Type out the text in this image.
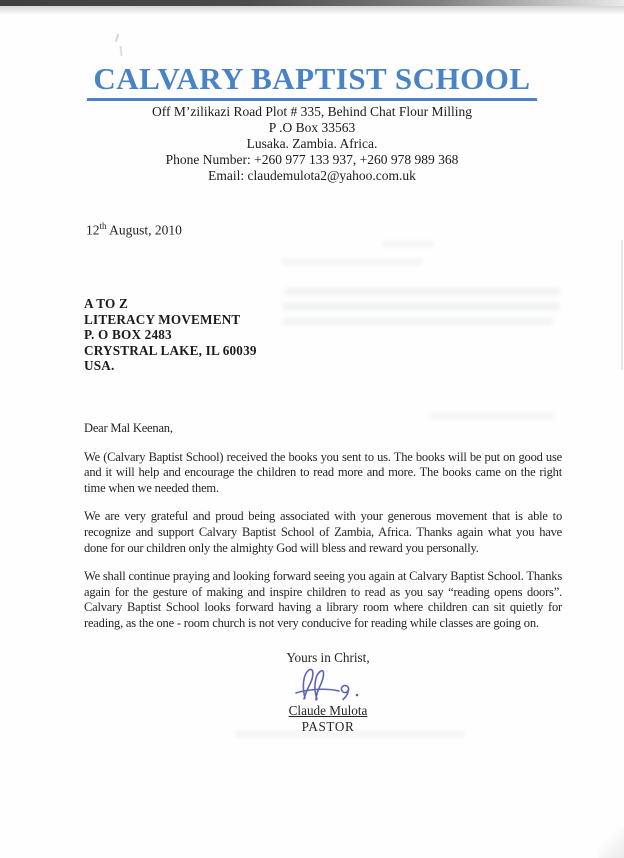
CALVARY BAPTIST SCHOOL
Off M’zilikazi Road Plot # 335, Behind Chat Flour Milling
P .O Box 33563
Lusaka. Zambia. Africa.
Phone Number: +260 977 133 937, +260 978 989 368
Email: claudemulota2@yahoo.com.uk
12th August, 2010
A TO Z
LITERACY MOVEMENT
P. O BOX 2483
CRYSTRAL LAKE, IL 60039
USA.

Dear Mal Keenan,

We (Calvary Baptist School) received the books you sent to us. The books will be put on good use and it will help and encourage the children to read more and more. The books came on the right time when we needed them.

We are very grateful and proud being associated with your generous movement that is able to recognize and support Calvary Baptist School of Zambia, Africa. Thanks again what you have done for our children only the almighty God will bless and reward you personally.

We shall continue praying and looking forward seeing you again at Calvary Baptist School. Thanks again for the gesture of making and inspire children to read as you say “reading opens doors”. Calvary Baptist School looks forward having a library room where children can sit quietly for reading, as the one - room church is not very conducive for reading while classes are going on.

Yours in Christ,
Claude Mulota
PASTOR
